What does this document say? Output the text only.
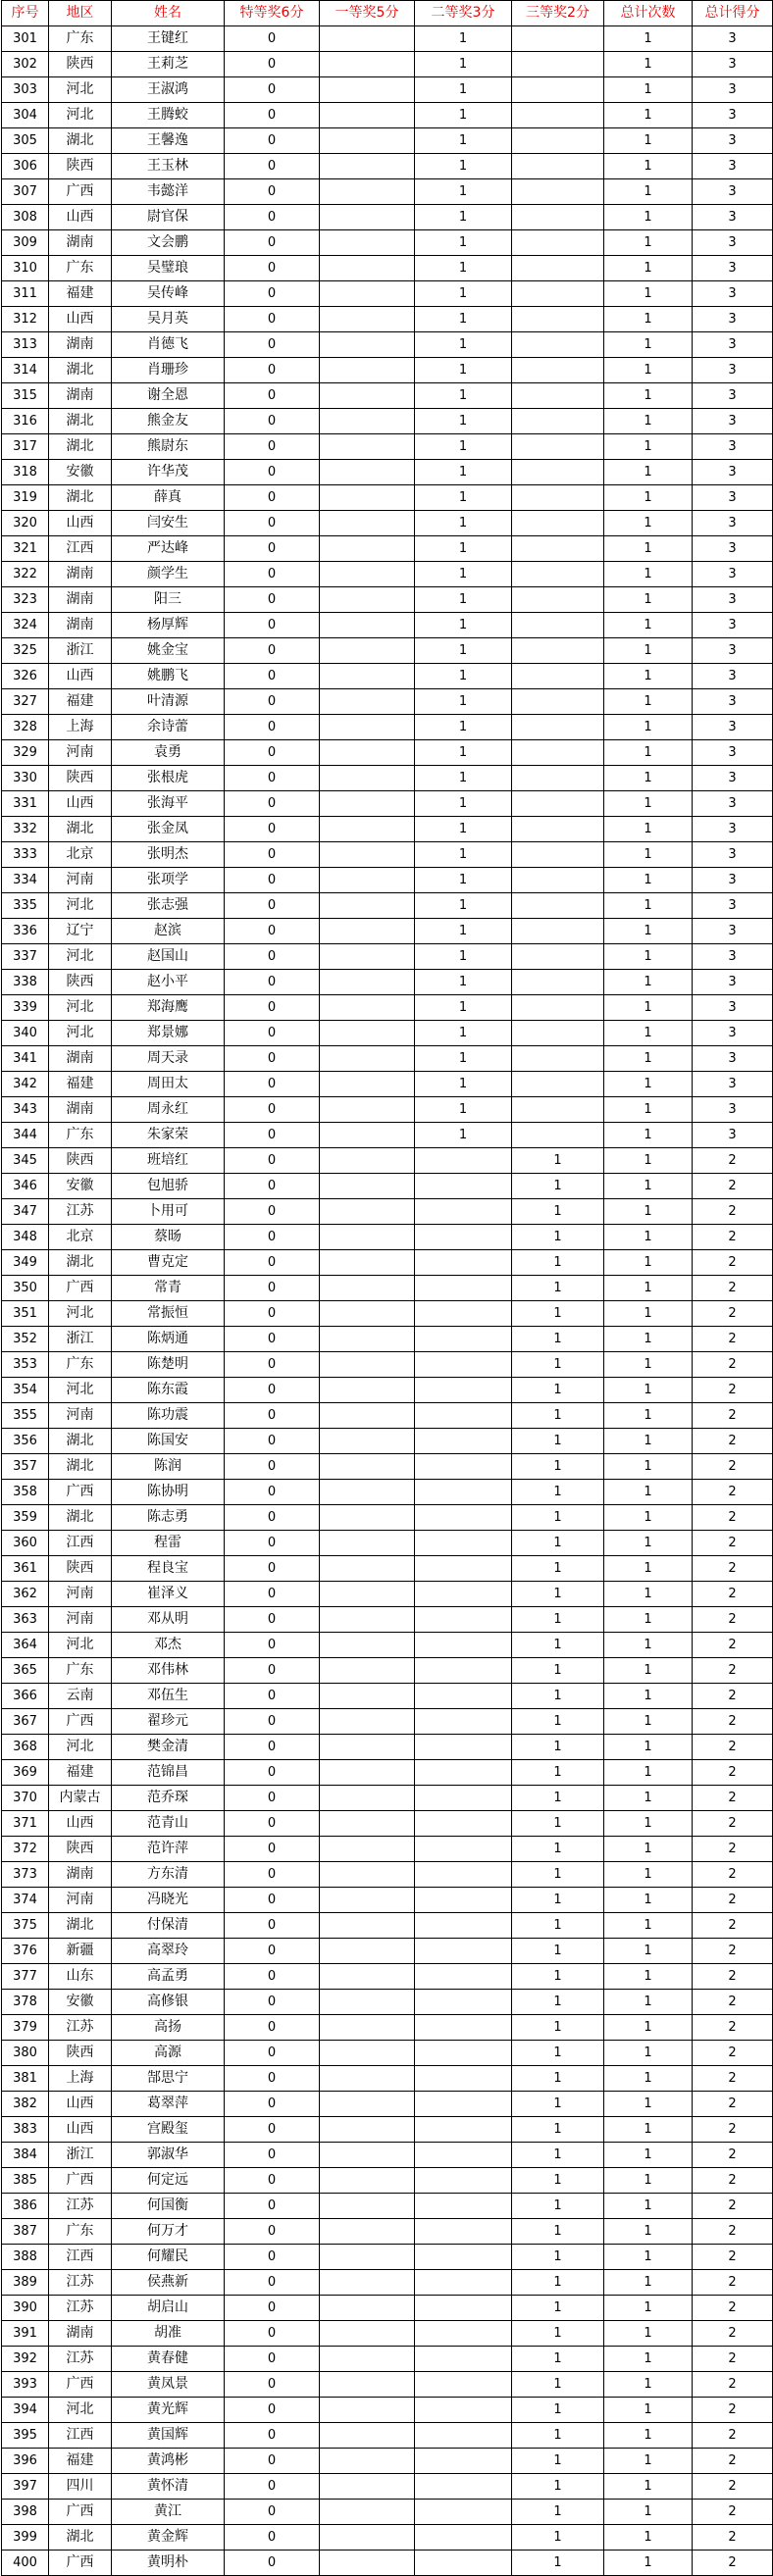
序号	地区	姓名	特等奖6分	一等奖5分	二等奖3分	三等奖2分	总计次数	总计得分
301	广东	王键红	0		1		1	3
302	陕西	王莉芝	0		1		1	3
303	河北	王淑鸿	0		1		1	3
304	河北	王腾蛟	0		1		1	3
305	湖北	王馨逸	0		1		1	3
306	陕西	王玉林	0		1		1	3
307	广西	韦懿洋	0		1		1	3
308	山西	尉官保	0		1		1	3
309	湖南	文会鹏	0		1		1	3
310	广东	吴璧琅	0		1		1	3
311	福建	吴传峰	0		1		1	3
312	山西	吴月英	0		1		1	3
313	湖南	肖德飞	0		1		1	3
314	湖北	肖珊珍	0		1		1	3
315	湖南	谢全恩	0		1		1	3
316	湖北	熊金友	0		1		1	3
317	湖北	熊尉东	0		1		1	3
318	安徽	许华茂	0		1		1	3
319	湖北	薛真	0		1		1	3
320	山西	闫安生	0		1		1	3
321	江西	严达峰	0		1		1	3
322	湖南	颜学生	0		1		1	3
323	湖南	阳三	0		1		1	3
324	湖南	杨厚辉	0		1		1	3
325	浙江	姚金宝	0		1		1	3
326	山西	姚鹏飞	0		1		1	3
327	福建	叶清源	0		1		1	3
328	上海	余诗蕾	0		1		1	3
329	河南	袁勇	0		1		1	3
330	陕西	张根虎	0		1		1	3
331	山西	张海平	0		1		1	3
332	湖北	张金凤	0		1		1	3
333	北京	张明杰	0		1		1	3
334	河南	张项学	0		1		1	3
335	河北	张志强	0		1		1	3
336	辽宁	赵滨	0		1		1	3
337	河北	赵国山	0		1		1	3
338	陕西	赵小平	0		1		1	3
339	河北	郑海鹰	0		1		1	3
340	河北	郑景娜	0		1		1	3
341	湖南	周天录	0		1		1	3
342	福建	周田太	0		1		1	3
343	湖南	周永红	0		1		1	3
344	广东	朱家荣	0		1		1	3
345	陕西	班培红	0			1	1	2
346	安徽	包旭骄	0			1	1	2
347	江苏	卜用可	0			1	1	2
348	北京	蔡旸	0			1	1	2
349	湖北	曹克定	0			1	1	2
350	广西	常青	0			1	1	2
351	河北	常振恒	0			1	1	2
352	浙江	陈炳通	0			1	1	2
353	广东	陈楚明	0			1	1	2
354	河北	陈东霞	0			1	1	2
355	河南	陈功震	0			1	1	2
356	湖北	陈国安	0			1	1	2
357	湖北	陈润	0			1	1	2
358	广西	陈协明	0			1	1	2
359	湖北	陈志勇	0			1	1	2
360	江西	程雷	0			1	1	2
361	陕西	程良宝	0			1	1	2
362	河南	崔泽义	0			1	1	2
363	河南	邓从明	0			1	1	2
364	河北	邓杰	0			1	1	2
365	广东	邓伟林	0			1	1	2
366	云南	邓伍生	0			1	1	2
367	广西	翟珍元	0			1	1	2
368	河北	樊金清	0			1	1	2
369	福建	范锦昌	0			1	1	2
370	内蒙古	范乔琛	0			1	1	2
371	山西	范青山	0			1	1	2
372	陕西	范许萍	0			1	1	2
373	湖南	方东清	0			1	1	2
374	河南	冯晓光	0			1	1	2
375	湖北	付保清	0			1	1	2
376	新疆	高翠玲	0			1	1	2
377	山东	高孟勇	0			1	1	2
378	安徽	高修银	0			1	1	2
379	江苏	高扬	0			1	1	2
380	陕西	高源	0			1	1	2
381	上海	郜思宁	0			1	1	2
382	山西	葛翠萍	0			1	1	2
383	山西	宫殿玺	0			1	1	2
384	浙江	郭淑华	0			1	1	2
385	广西	何定远	0			1	1	2
386	江苏	何国衡	0			1	1	2
387	广东	何万才	0			1	1	2
388	江西	何耀民	0			1	1	2
389	江苏	侯燕新	0			1	1	2
390	江苏	胡启山	0			1	1	2
391	湖南	胡准	0			1	1	2
392	江苏	黄春健	0			1	1	2
393	广西	黄凤景	0			1	1	2
394	河北	黄光辉	0			1	1	2
395	江西	黄国辉	0			1	1	2
396	福建	黄鸿彬	0			1	1	2
397	四川	黄怀清	0			1	1	2
398	广西	黄江	0			1	1	2
399	湖北	黄金辉	0			1	1	2
400	广西	黄明朴	0			1	1	2
